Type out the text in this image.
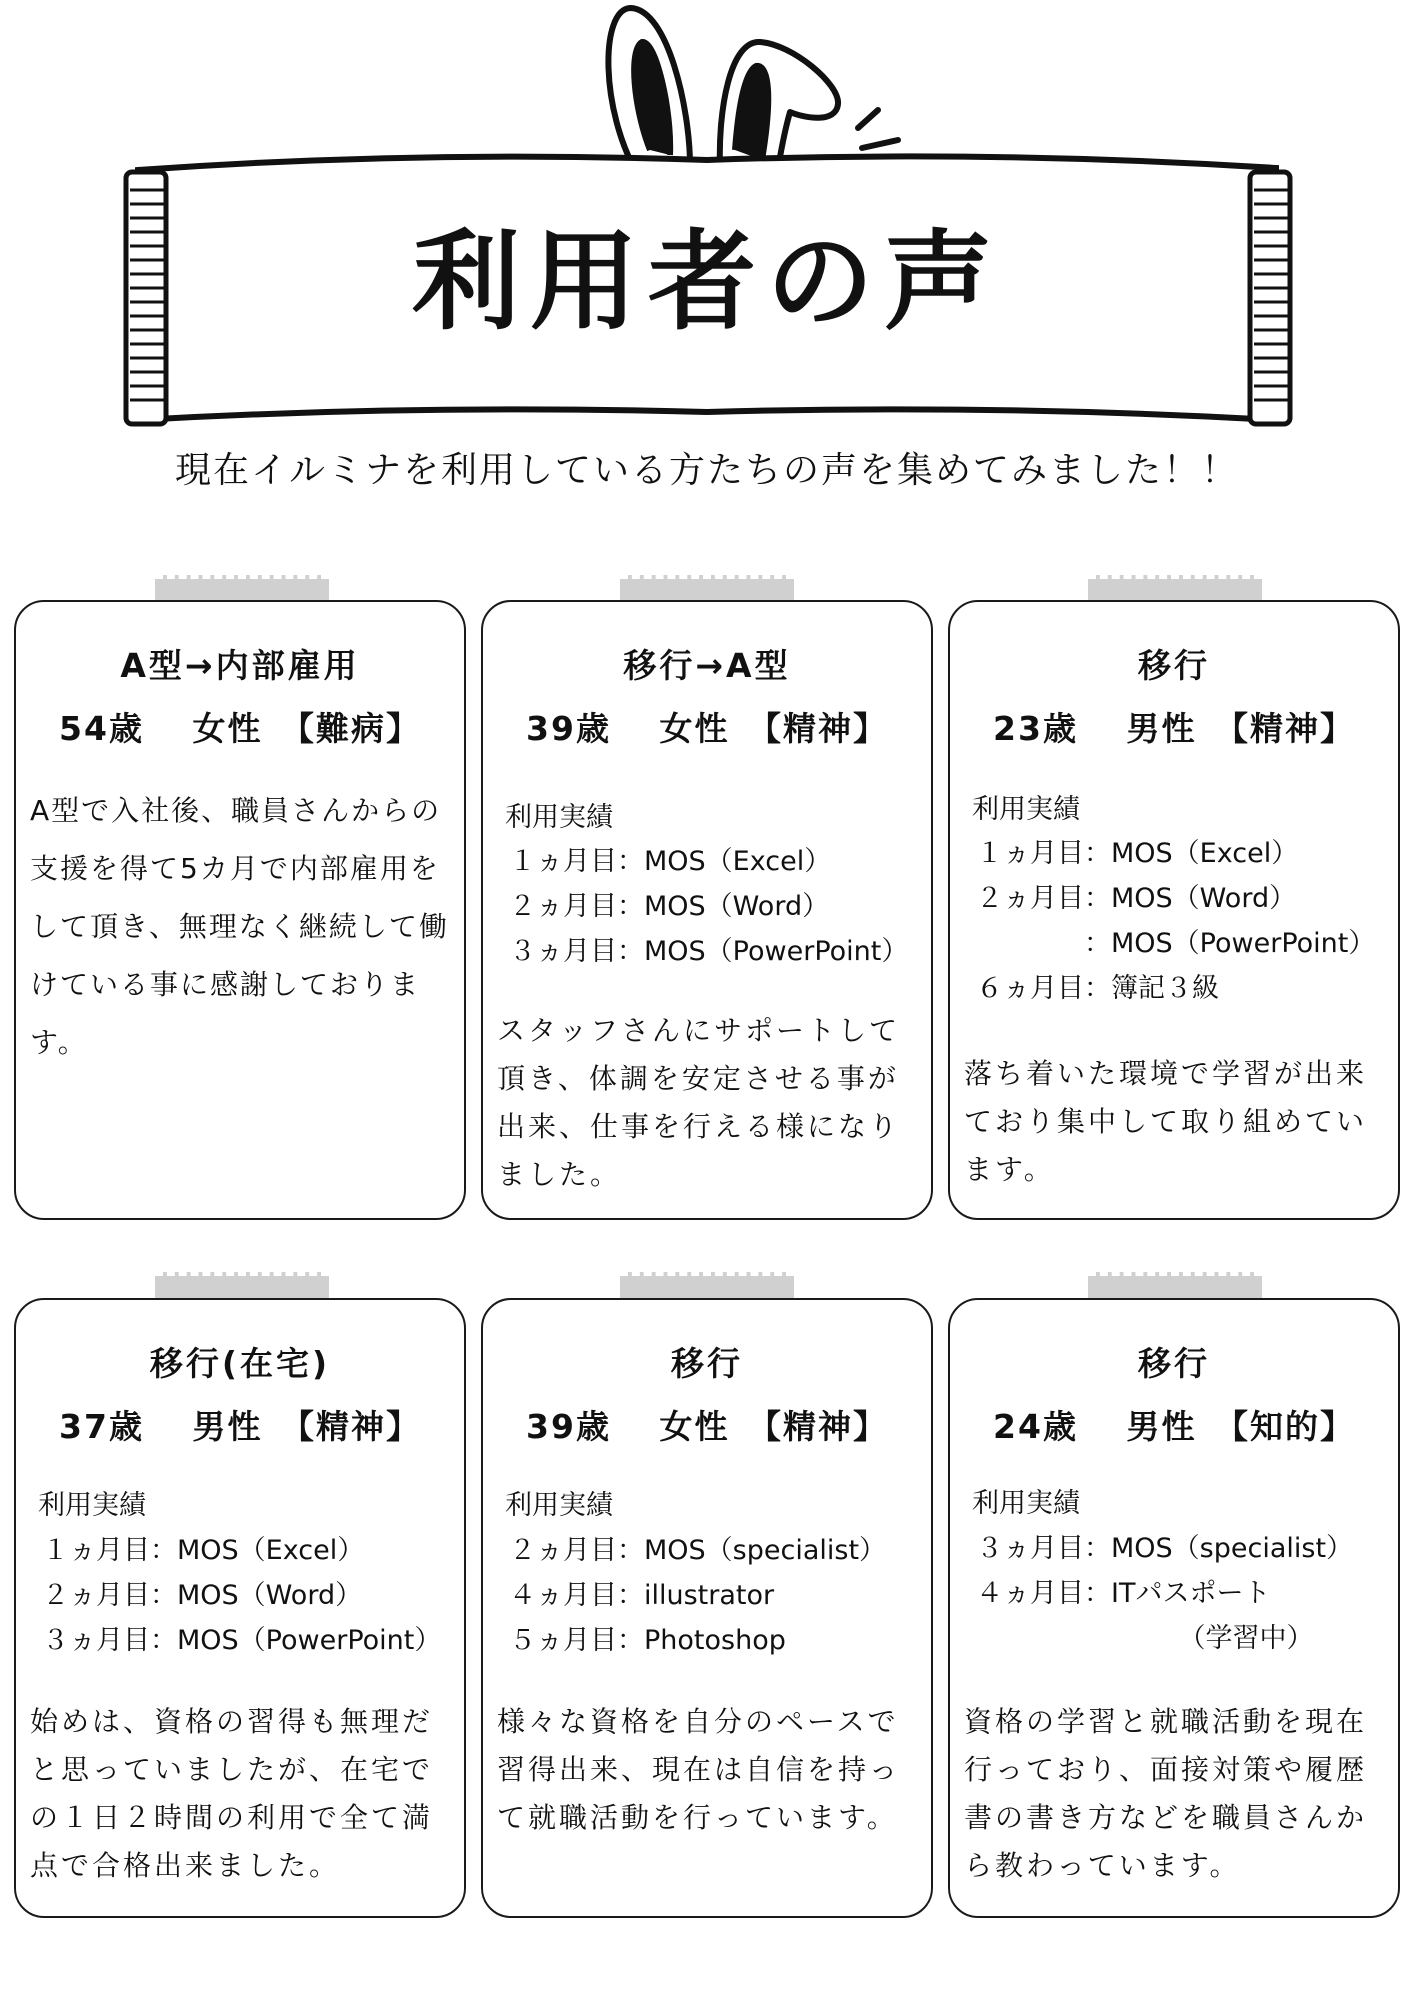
利用者の声
現在イルミナを利用している方たちの声を集めてみました！！
A型→内部雇用
54歳　 女性　【難病】
A型で入社後、職員さんからの支援を得て5カ月で内部雇用をして頂き、無理なく継続して働けている事に感謝しております。
移行→A型
39歳　 女性　【精神】
利用実績
１ヵ月目：MOS（Excel）
２ヵ月目：MOS（Word）
３ヵ月目：MOS（PowerPoint）
スタッフさんにサポートして頂き、体調を安定させる事が出来、仕事を行える様になりました。
移行
23歳　 男性　【精神】
利用実績
１ヵ月目：MOS（Excel）
２ヵ月目：MOS（Word）
　　　　：MOS（PowerPoint）
６ヵ月目：簿記３級
落ち着いた環境で学習が出来ており集中して取り組めています。
移行(在宅)
37歳　 男性　【精神】
利用実績
１ヵ月目：MOS（Excel）
２ヵ月目：MOS（Word）
３ヵ月目：MOS（PowerPoint）
始めは、資格の習得も無理だと思っていましたが、在宅での１日２時間の利用で全て満点で合格出来ました。
移行
39歳　 女性　【精神】
利用実績
２ヵ月目：MOS（specialist）
４ヵ月目：illustrator
５ヵ月目：Photoshop
様々な資格を自分のペースで習得出来、現在は自信を持って就職活動を行っています。
移行
24歳　 男性　【知的】
利用実績
３ヵ月目：MOS（specialist）
４ヵ月目：ITパスポート
　　　　　　　　（学習中）
資格の学習と就職活動を現在行っており、面接対策や履歴書の書き方などを職員さんから教わっています。
